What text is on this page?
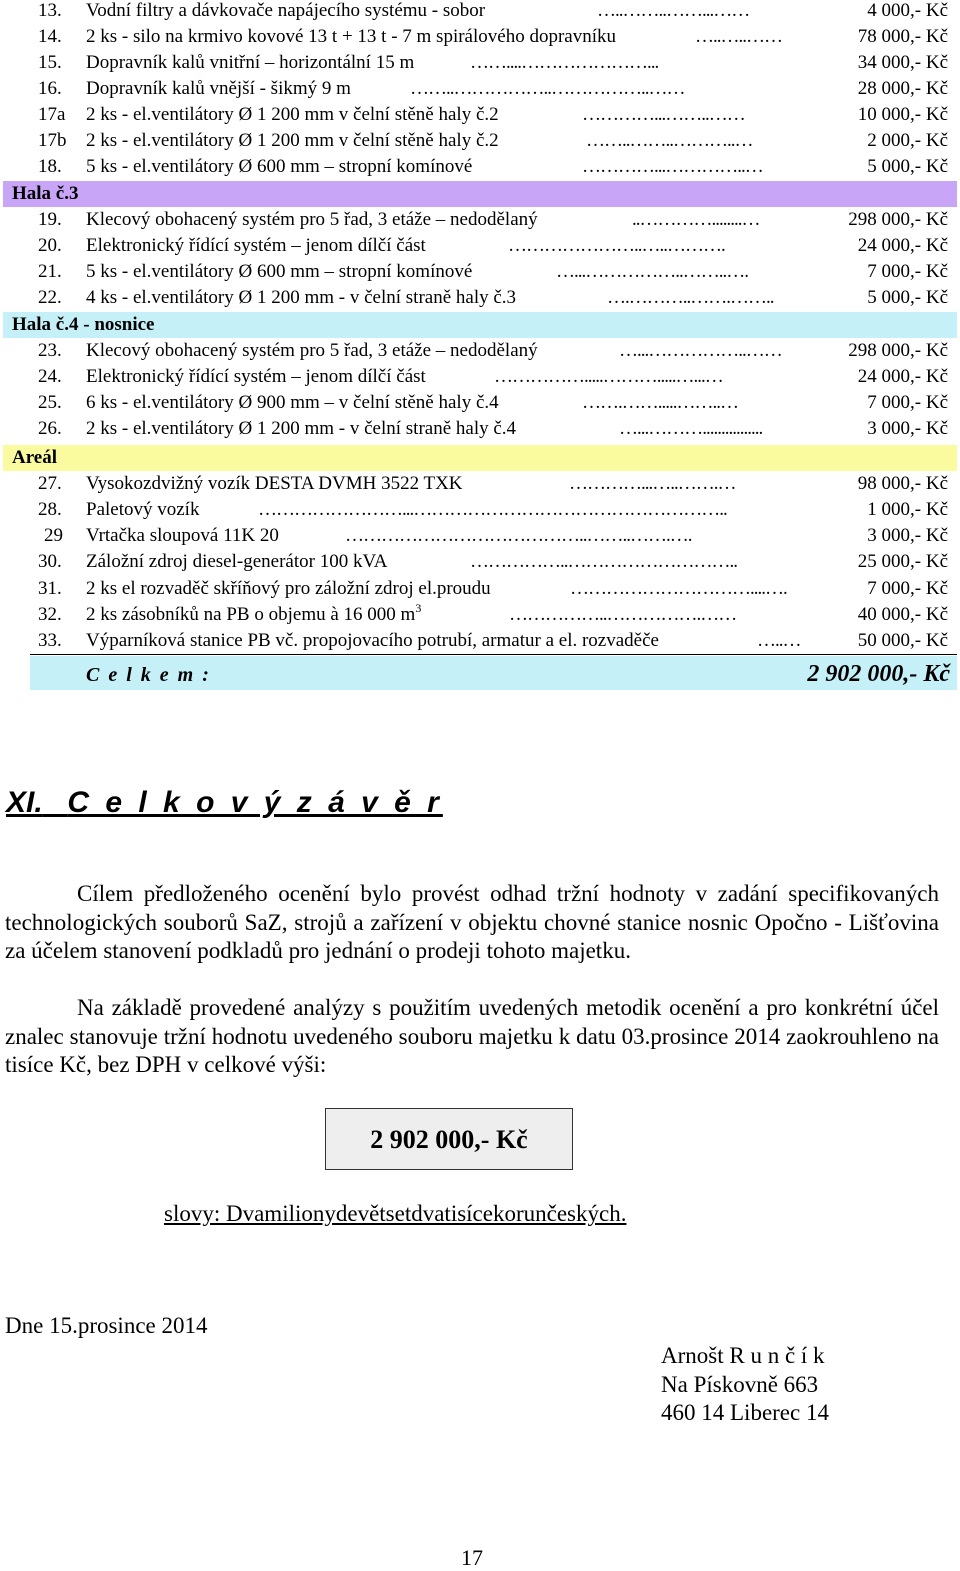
13. Vodní filtry a dávkovače napájecího systému - sobor	…..……..……...……	4 000,- Kč
14. 2 ks - silo na krmivo kovové 13 t + 13 t - 7 m spirálového dopravníku	…..…..……	78 000,- Kč
15. Dopravník kalů vnitřní – horizontální 15 m	……....…………………...	34 000,- Kč
16. Dopravník kalů vnější - šikmý 9 m	……..……………..……………..……	28 000,- Kč
17a 2 ks - el.ventilátory Ø 1 200 mm v čelní stěně haly č.2	…………...……..……	10 000,- Kč
17b 2 ks - el.ventilátory Ø 1 200 mm v čelní stěně haly č.2	……..……..………..…	2 000,- Kč
18. 5 ks - el.ventilátory Ø 600 mm – stropní komínové	…………...…………..…	5 000,- Kč
Hala č.3
19. Klecový obohacený systém pro 5 řad, 3 etáže – nedodělaný	..…………........…	298 000,- Kč
20. Elektronický řídící systém – jenom dílčí část	…………………..…..……….	24 000,- Kč
21. 5 ks - el.ventilátory Ø 600 mm – stropní komínové	…...……………..……..….	7 000,- Kč
22. 4 ks - el.ventilátory Ø 1 200 mm - v čelní straně haly č.3	….………..…….……..	5 000,- Kč
Hala č.4 - nosnice
23. Klecový obohacený systém pro 5 řad, 3 etáže – nedodělaný	…...……………..……	298 000,- Kč
24. Elektronický řídící systém – jenom dílčí část	…………….....……….....…...…	24 000,- Kč
25. 6 ks - el.ventilátory Ø 900 mm – v čelní stěně haly č.4	…….…….....……..…	7 000,- Kč
26. 2 ks - el.ventilátory Ø 1 200 mm - v čelní straně haly č.4	…...………................	3 000,- Kč
Areál
27. Vysokozdvižný vozík DESTA DVMH 3522 TXK	…………...…..…….…	98 000,- Kč
28. Paletový vozík	……………………...……………………………………………..	1 000,- Kč
29 Vrtačka sloupová 11K 20	…………………………………..……..…….….	3 000,- Kč
30. Záložní zdroj diesel-generátor 100 kVA	……………..………………………..	25 000,- Kč
31. 2 ks el rozvaděč skříňový pro záložní zdroj el.proudu	…………………………....….	7 000,- Kč
32. 2 ks zásobníků na PB o objemu à 16 000 $m^3$	……………..…………….……	40 000,- Kč
33. Výparníková stanice PB vč. propojovacího potrubí, armatur a el. rozvaděče	…..…	50 000,- Kč
C e l k e m :	2 902 000,- Kč
XI. C e l k o v ý z á v ě r
Cílem předloženého ocenění bylo provést odhad tržní hodnoty v zadání specifikovaných technologických souborů SaZ, strojů a zařízení v objektu chovné stanice nosnic Opočno - Lišťovina za účelem stanovení podkladů pro jednání o prodeji tohoto majetku.
Na základě provedené analýzy s použitím uvedených metodik ocenění a pro konkrétní účel znalec stanovuje tržní hodnotu uvedeného souboru majetku k datu 03.prosince 2014 zaokrouhleno na tisíce Kč, bez DPH v celkové výši:
2 902 000,- Kč
slovy: Dvamilionydevětsetdvatisícekorunčeských.
Dne 15.prosince 2014
Arnošt R u n č í k
Na Pískovně 663
460 14 Liberec 14
17
